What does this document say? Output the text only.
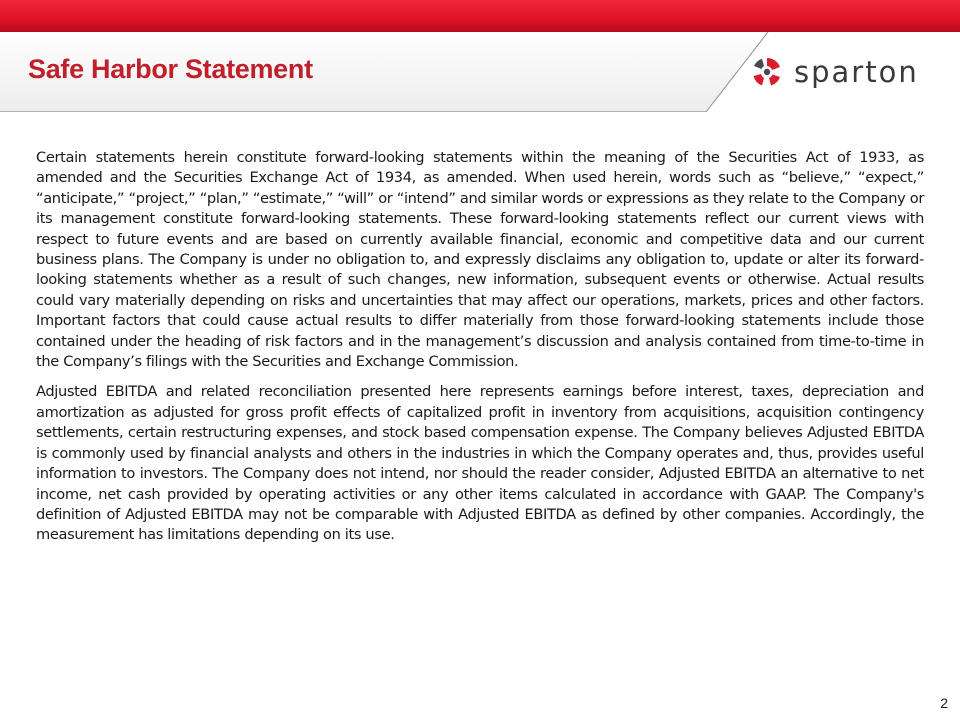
Safe Harbor Statement	sparton

Certain statements herein constitute forward-looking statements within the meaning of the Securities Act of 1933, as amended and the Securities Exchange Act of 1934, as amended. When used herein, words such as “believe,” “expect,” “anticipate,” “project,” “plan,” “estimate,” “will” or “intend” and similar words or expressions as they relate to the Company or its management constitute forward-looking statements. These forward-looking statements reflect our current views with respect to future events and are based on currently available financial, economic and competitive data and our current business plans. The Company is under no obligation to, and expressly disclaims any obligation to, update or alter its forward-looking statements whether as a result of such changes, new information, subsequent events or otherwise. Actual results could vary materially depending on risks and uncertainties that may affect our operations, markets, prices and other factors. Important factors that could cause actual results to differ materially from those forward-looking statements include those contained under the heading of risk factors and in the management’s discussion and analysis contained from time-to-time in the Company’s filings with the Securities and Exchange Commission.

Adjusted EBITDA and related reconciliation presented here represents earnings before interest, taxes, depreciation and amortization as adjusted for gross profit effects of capitalized profit in inventory from acquisitions, acquisition contingency settlements, certain restructuring expenses, and stock based compensation expense. The Company believes Adjusted EBITDA is commonly used by financial analysts and others in the industries in which the Company operates and, thus, provides useful information to investors. The Company does not intend, nor should the reader consider, Adjusted EBITDA an alternative to net income, net cash provided by operating activities or any other items calculated in accordance with GAAP. The Company's definition of Adjusted EBITDA may not be comparable with Adjusted EBITDA as defined by other companies. Accordingly, the measurement has limitations depending on its use.

2
